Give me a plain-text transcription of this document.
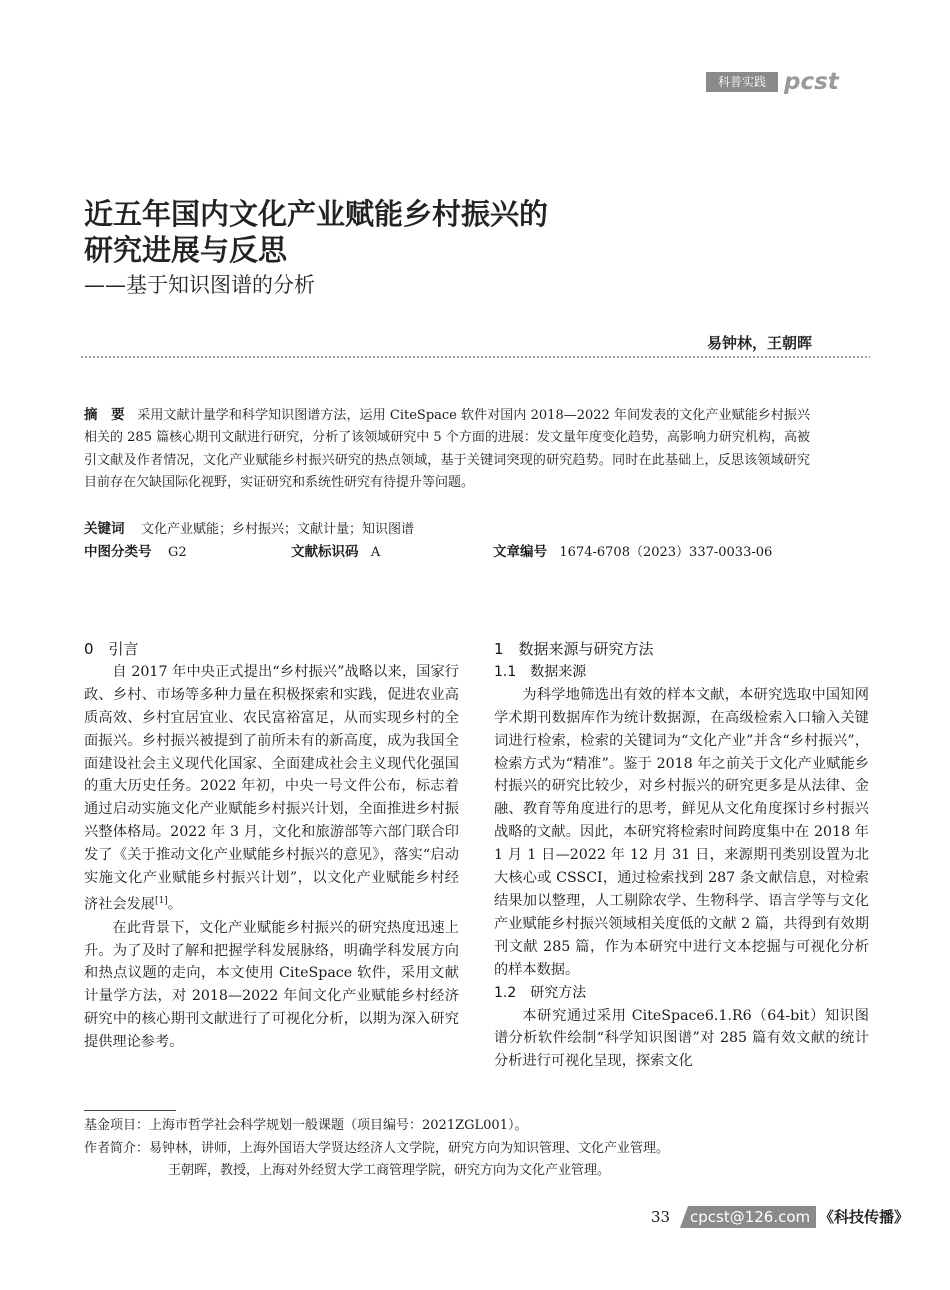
科普实践 pcst
近五年国内文化产业赋能乡村振兴的
研究进展与反思
——基于知识图谱的分析
易钟林，王朝晖
摘　要 采用文献计量学和科学知识图谱方法，运用 CiteSpace 软件对国内 2018—2022 年间发表的文化产业赋能乡村振兴相关的 285 篇核心期刊文献进行研究，分析了该领域研究中 5 个方面的进展：发文量年度变化趋势，高影响力研究机构，高被引文献及作者情况，文化产业赋能乡村振兴研究的热点领域，基于关键词突现的研究趋势。同时在此基础上，反思该领域研究目前存在欠缺国际化视野，实证研究和系统性研究有待提升等问题。
关键词 文化产业赋能；乡村振兴；文献计量；知识图谱
中图分类号 G2	文献标识码 A	文章编号 1674-6708（2023）337-0033-06
0　引言

自 2017 年中央正式提出“乡村振兴”战略以来，国家行政、乡村、市场等多种力量在积极探索和实践，促进农业高质高效、乡村宜居宜业、农民富裕富足，从而实现乡村的全面振兴。乡村振兴被提到了前所未有的新高度，成为我国全面建设社会主义现代化国家、全面建成社会主义现代化强国的重大历史任务。2022 年初，中央一号文件公布，标志着通过启动实施文化产业赋能乡村振兴计划，全面推进乡村振兴整体格局。2022 年 3 月，文化和旅游部等六部门联合印发了《关于推动文化产业赋能乡村振兴的意见》，落实“启动实施文化产业赋能乡村振兴计划”，以文化产业赋能乡村经济社会发展[1]。

在此背景下，文化产业赋能乡村振兴的研究热度迅速上升。为了及时了解和把握学科发展脉络，明确学科发展方向和热点议题的走向，本文使用 CiteSpace 软件，采用文献计量学方法，对 2018—2022 年间文化产业赋能乡村经济研究中的核心期刊文献进行了可视化分析，以期为深入研究提供理论参考。

1　数据来源与研究方法
1.1　数据来源

为科学地筛选出有效的样本文献，本研究选取中国知网学术期刊数据库作为统计数据源，在高级检索入口输入关键词进行检索，检索的关键词为“文化产业”并含“乡村振兴”，检索方式为“精准”。鉴于 2018 年之前关于文化产业赋能乡村振兴的研究比较少，对乡村振兴的研究更多是从法律、金融、教育等角度进行的思考，鲜见从文化角度探讨乡村振兴战略的文献。因此，本研究将检索时间跨度集中在 2018 年 1 月 1 日—2022 年 12 月 31 日，来源期刊类别设置为北大核心或 CSSCI，通过检索找到 287 条文献信息，对检索结果加以整理，人工剔除农学、生物科学、语言学等与文化产业赋能乡村振兴领域相关度低的文献 2 篇，共得到有效期刊文献 285 篇，作为本研究中进行文本挖掘与可视化分析的样本数据。

1.2　研究方法

本研究通过采用 CiteSpace6.1.R6（64-bit）知识图谱分析软件绘制“科学知识图谱”对 285 篇有效文献的统计分析进行可视化呈现，探索文化

基金项目：上海市哲学社会科学规划一般课题（项目编号：2021ZGL001）。
作者简介：易钟林，讲师，上海外国语大学贤达经济人文学院，研究方向为知识管理、文化产业管理。
王朝晖，教授，上海对外经贸大学工商管理学院，研究方向为文化产业管理。
33 cpcst@126.com 《科技传播》
